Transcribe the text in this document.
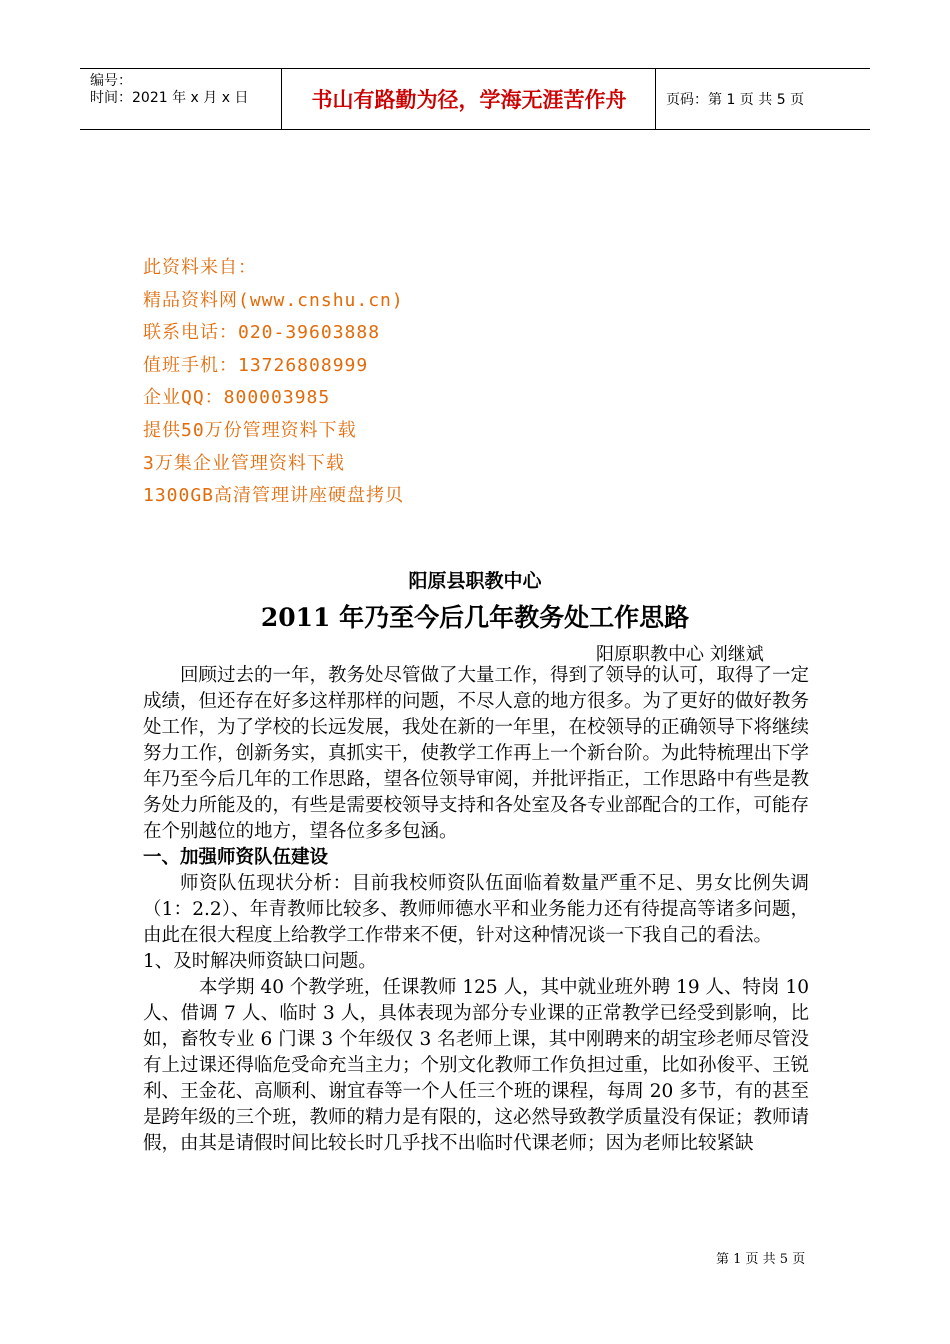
编号：
时间：2021 年 x 月 x 日	书山有路勤为径，学海无涯苦作舟	页码：第 1 页 共 5 页
此资料来自：
精品资料网(www.cnshu.cn)
联系电话：020-39603888
值班手机：13726808999
企业QQ：800003985
提供50万份管理资料下载
3万集企业管理资料下载
1300GB高清管理讲座硬盘拷贝
阳原县职教中心
2011 年乃至今后几年教务处工作思路
阳原职教中心 刘继斌

回顾过去的一年，教务处尽管做了大量工作，得到了领导的认可，取得了一定成绩，但还存在好多这样那样的问题，不尽人意的地方很多。为了更好的做好教务处工作，为了学校的长远发展，我处在新的一年里，在校领导的正确领导下将继续努力工作，创新务实，真抓实干，使教学工作再上一个新台阶。为此特梳理出下学年乃至今后几年的工作思路，望各位领导审阅，并批评指正，工作思路中有些是教务处力所能及的，有些是需要校领导支持和各处室及各专业部配合的工作，可能存在个别越位的地方，望各位多多包涵。

一、加强师资队伍建设

师资队伍现状分析：目前我校师资队伍面临着数量严重不足、男女比例失调（1：2.2）、年青教师比较多、教师师德水平和业务能力还有待提高等诸多问题，由此在很大程度上给教学工作带来不便，针对这种情况谈一下我自己的看法。

1、及时解决师资缺口问题。

本学期 40 个教学班，任课教师 125 人，其中就业班外聘 19 人、特岗 10 人、借调 7 人、临时 3 人，具体表现为部分专业课的正常教学已经受到影响，比如，畜牧专业 6 门课 3 个年级仅 3 名老师上课，其中刚聘来的胡宝珍老师尽管没有上过课还得临危受命充当主力；个别文化教师工作负担过重，比如孙俊平、王锐利、王金花、高顺利、谢宜春等一个人任三个班的课程，每周 20 多节，有的甚至是跨年级的三个班，教师的精力是有限的，这必然导致教学质量没有保证；教师请假，由其是请假时间比较长时几乎找不出临时代课老师；因为老师比较紧缺

第 1 页 共 5 页
